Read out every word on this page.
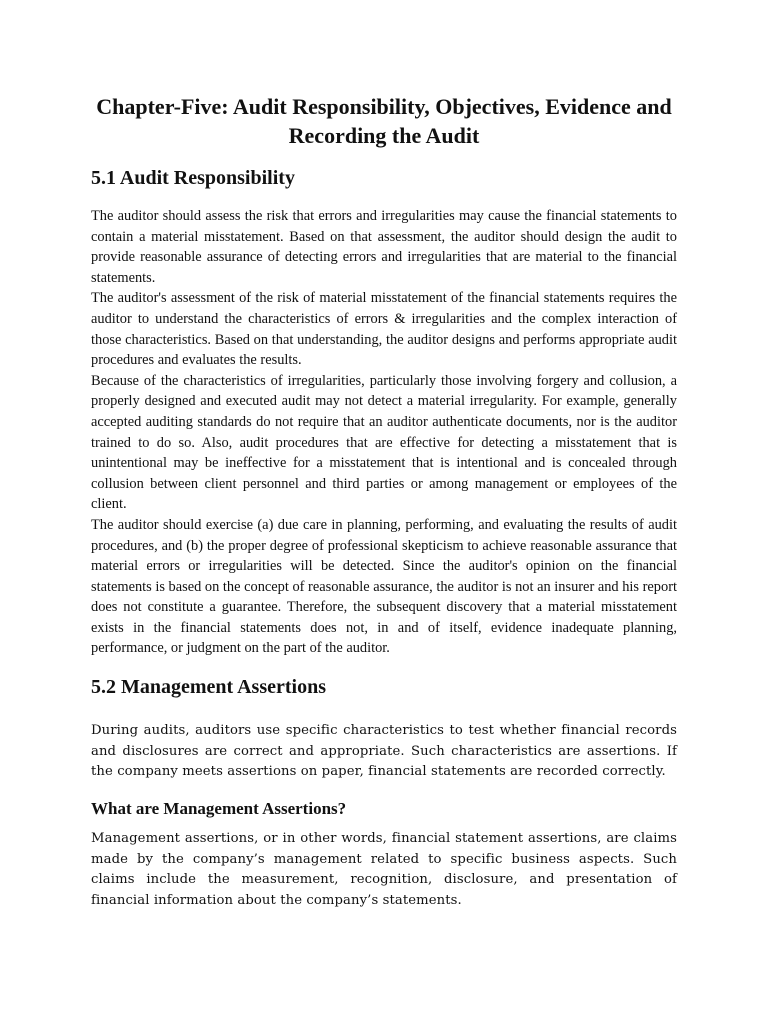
Chapter-Five: Audit Responsibility, Objectives, Evidence and Recording the Audit
5.1 Audit Responsibility

The auditor should assess the risk that errors and irregularities may cause the financial statements to contain a material misstatement. Based on that assessment, the auditor should design the audit to provide reasonable assurance of detecting errors and irregularities that are material to the financial statements.

The auditor's assessment of the risk of material misstatement of the financial statements requires the auditor to understand the characteristics of errors & irregularities and the complex interaction of those characteristics. Based on that understanding, the auditor designs and performs appropriate audit procedures and evaluates the results.

Because of the characteristics of irregularities, particularly those involving forgery and collusion, a properly designed and executed audit may not detect a material irregularity. For example, generally accepted auditing standards do not require that an auditor authenticate documents, nor is the auditor trained to do so. Also, audit procedures that are effective for detecting a misstatement that is unintentional may be ineffective for a misstatement that is intentional and is concealed through collusion between client personnel and third parties or among management or employees of the client.

The auditor should exercise (a) due care in planning, performing, and evaluating the results of audit procedures, and (b) the proper degree of professional skepticism to achieve reasonable assurance that material errors or irregularities will be detected. Since the auditor's opinion on the financial statements is based on the concept of reasonable assurance, the auditor is not an insurer and his report does not constitute a guarantee. Therefore, the subsequent discovery that a material misstatement exists in the financial statements does not, in and of itself, evidence inadequate planning, performance, or judgment on the part of the auditor.

5.2 Management Assertions

During audits, auditors use specific characteristics to test whether financial records and disclosures are correct and appropriate. Such characteristics are assertions. If the company meets assertions on paper, financial statements are recorded correctly.

What are Management Assertions?

Management assertions, or in other words, financial statement assertions, are claims made by the company’s management related to specific business aspects. Such claims include the measurement, recognition, disclosure, and presentation of financial information about the company’s statements.
